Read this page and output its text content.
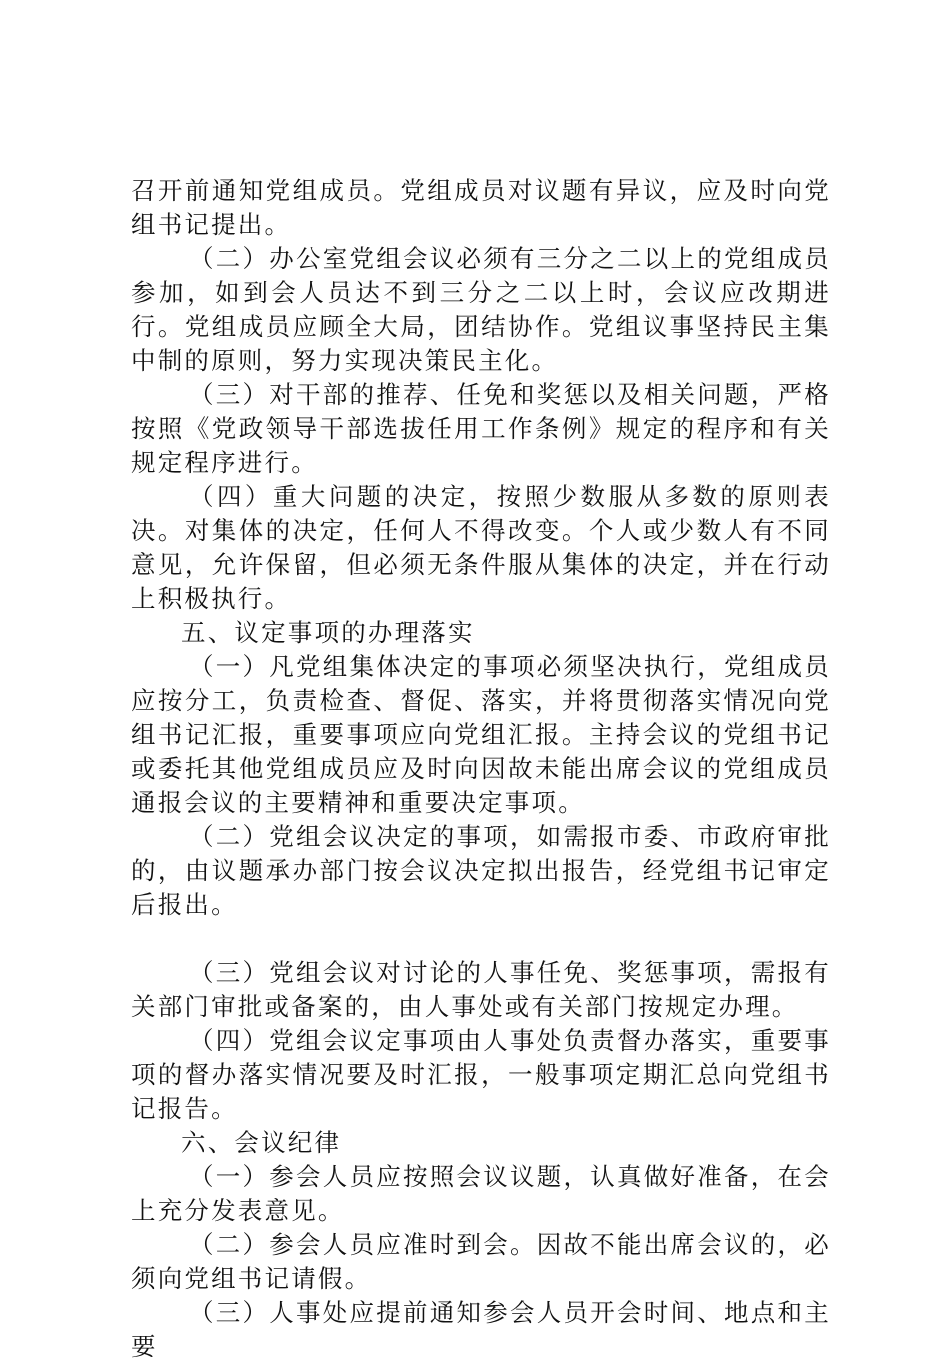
召开前通知党组成员。党组成员对议题有异议，应及时向党组书记提出。

（二）办公室党组会议必须有三分之二以上的党组成员参加，如到会人员达不到三分之二以上时，会议应改期进行。党组成员应顾全大局，团结协作。党组议事坚持民主集中制的原则，努力实现决策民主化。

（三）对干部的推荐、任免和奖惩以及相关问题，严格按照《党政领导干部选拔任用工作条例》规定的程序和有关规定程序进行。

（四）重大问题的决定，按照少数服从多数的原则表决。对集体的决定，任何人不得改变。个人或少数人有不同意见，允许保留，但必须无条件服从集体的决定，并在行动上积极执行。

五、议定事项的办理落实

（一）凡党组集体决定的事项必须坚决执行，党组成员应按分工，负责检查、督促、落实，并将贯彻落实情况向党组书记汇报，重要事项应向党组汇报。主持会议的党组书记或委托其他党组成员应及时向因故未能出席会议的党组成员通报会议的主要精神和重要决定事项。

（二）党组会议决定的事项，如需报市委、市政府审批的，由议题承办部门按会议决定拟出报告，经党组书记审定后报出。

（三）党组会议对讨论的人事任免、奖惩事项，需报有关部门审批或备案的，由人事处或有关部门按规定办理。

（四）党组会议定事项由人事处负责督办落实，重要事项的督办落实情况要及时汇报，一般事项定期汇总向党组书记报告。

六、会议纪律

（一）参会人员应按照会议议题，认真做好准备，在会上充分发表意见。

（二）参会人员应准时到会。因故不能出席会议的，必须向党组书记请假。

（三）人事处应提前通知参会人员开会时间、地点和主要
